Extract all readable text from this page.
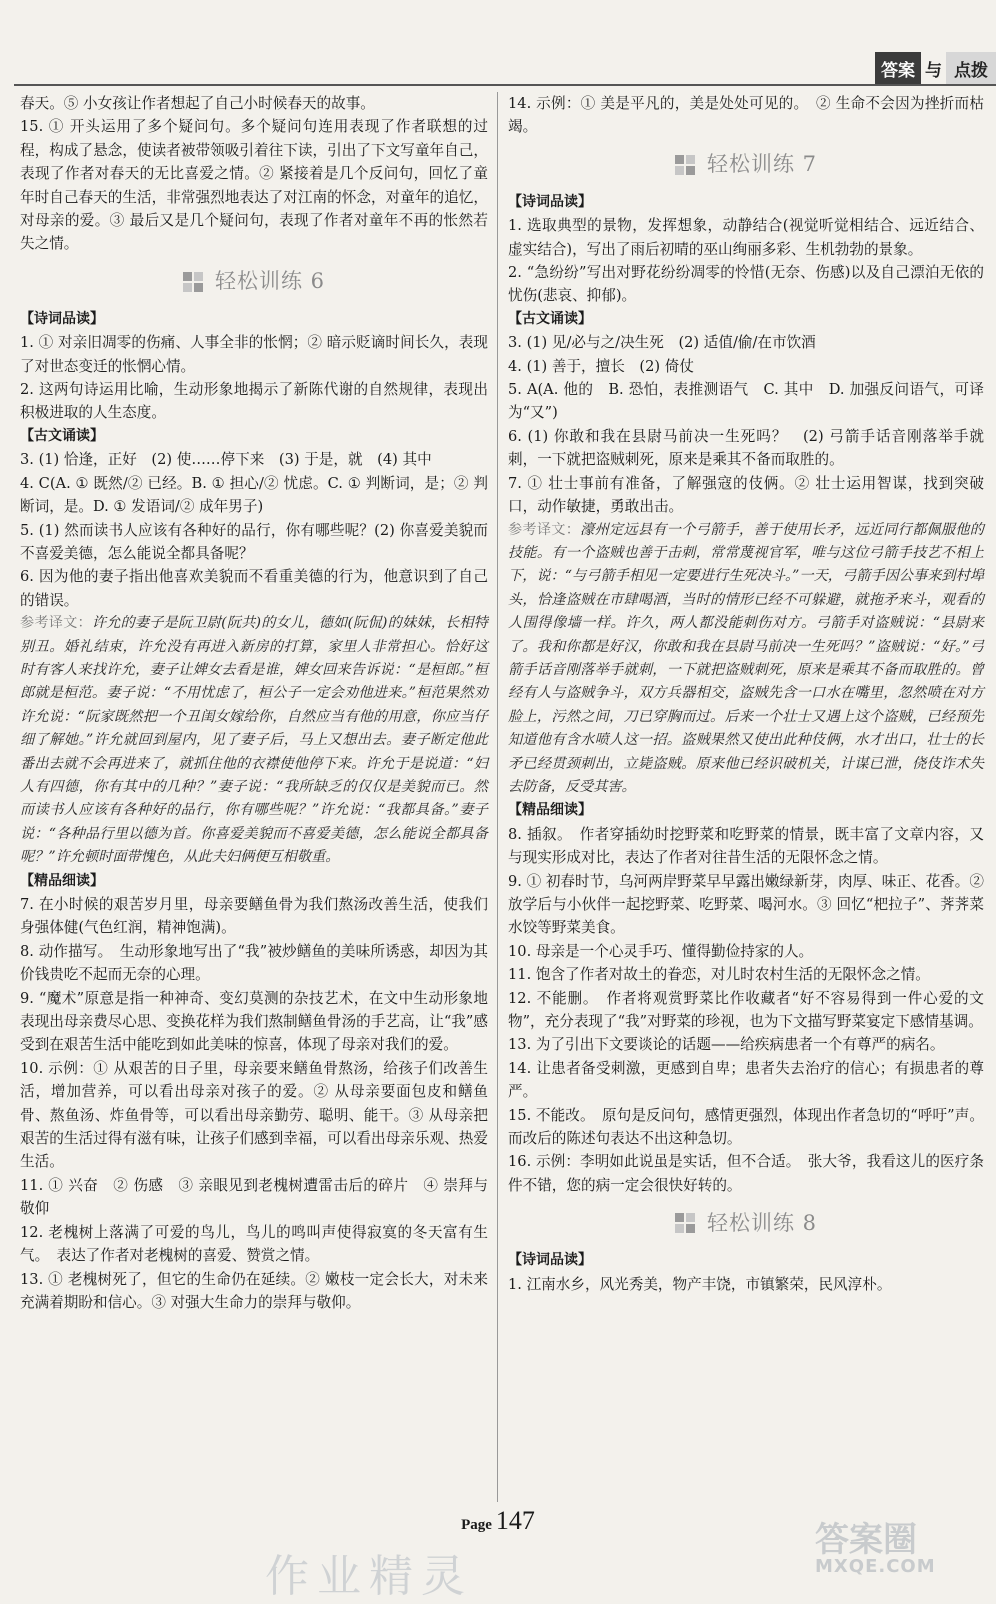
答案 与 点拨

春天。⑤ 小女孩让作者想起了自己小时候春天的故事。

15. ① 开头运用了多个疑问句。多个疑问句连用表现了作者联想的过程，构成了悬念，使读者被带领吸引着往下读，引出了下文写童年自己，表现了作者对春天的无比喜爱之情。② 紧接着是几个反问句，回忆了童年时自己春天的生活，非常强烈地表达了对江南的怀念，对童年的追忆，对母亲的爱。③ 最后又是几个疑问句，表现了作者对童年不再的怅然若失之情。

轻松训练 6

【诗词品读】

1. ① 对亲旧凋零的伤痛、人事全非的怅惘；② 暗示贬谪时间长久，表现了对世态变迁的怅惘心情。

2. 这两句诗运用比喻，生动形象地揭示了新陈代谢的自然规律，表现出积极进取的人生态度。

【古文诵读】

3. (1) 恰逢，正好　(2) 使……停下来　(3) 于是，就　(4) 其中

4. C(A. ① 既然/② 已经。B. ① 担心/② 忧虑。C. ① 判断词，是；② 判断词，是。D. ① 发语词/② 成年男子)

5. (1) 然而读书人应该有各种好的品行，你有哪些呢？(2) 你喜爱美貌而不喜爱美德，怎么能说全都具备呢？

6. 因为他的妻子指出他喜欢美貌而不看重美德的行为，他意识到了自己的错误。

参考译文：许允的妻子是阮卫尉(阮共)的女儿，德如(阮侃)的妹妹，长相特别丑。婚礼结束，许允没有再进入新房的打算，家里人非常担心。恰好这时有客人来找许允，妻子让婢女去看是谁，婢女回来告诉说：“是桓郎。”桓郎就是桓范。妻子说：“不用忧虑了，桓公子一定会劝他进来。”桓范果然劝许允说：“阮家既然把一个丑闺女嫁给你，自然应当有他的用意，你应当仔细了解她。”许允就回到屋内，见了妻子后，马上又想出去。妻子断定他此番出去就不会再进来了，就抓住他的衣襟使他停下来。许允于是说道：“妇人有四德，你有其中的几种？”妻子说：“我所缺乏的仅仅是美貌而已。然而读书人应该有各种好的品行，你有哪些呢？”许允说：“我都具备。”妻子说：“各种品行里以德为首。你喜爱美貌而不喜爱美德，怎么能说全都具备呢？”许允顿时面带愧色，从此夫妇俩便互相敬重。

【精品细读】

7. 在小时候的艰苦岁月里，母亲要鳝鱼骨为我们熬汤改善生活，使我们身强体健(气色红润，精神饱满)。

8. 动作描写。　生动形象地写出了“我”被炒鳝鱼的美味所诱惑，却因为其价钱贵吃不起而无奈的心理。

9. “魔术”原意是指一种神奇、变幻莫测的杂技艺术，在文中生动形象地表现出母亲费尽心思、变换花样为我们熬制鳝鱼骨汤的手艺高，让“我”感受到在艰苦生活中能吃到如此美味的惊喜，体现了母亲对我们的爱。

10. 示例：① 从艰苦的日子里，母亲要来鳝鱼骨熬汤，给孩子们改善生活，增加营养，可以看出母亲对孩子的爱。② 从母亲要面包皮和鳝鱼骨、熬鱼汤、炸鱼骨等，可以看出母亲勤劳、聪明、能干。③ 从母亲把艰苦的生活过得有滋有味，让孩子们感到幸福，可以看出母亲乐观、热爱生活。

11. ① 兴奋　② 伤感　③ 亲眼见到老槐树遭雷击后的碎片　④ 崇拜与敬仰

12. 老槐树上落满了可爱的鸟儿，鸟儿的鸣叫声使得寂寞的冬天富有生气。　表达了作者对老槐树的喜爱、赞赏之情。

13. ① 老槐树死了，但它的生命仍在延续。② 嫩枝一定会长大，对未来充满着期盼和信心。③ 对强大生命力的崇拜与敬仰。

14. 示例：① 美是平凡的，美是处处可见的。　② 生命不会因为挫折而枯竭。

轻松训练 7

【诗词品读】

1. 选取典型的景物，发挥想象，动静结合(视觉听觉相结合、远近结合、虚实结合)，写出了雨后初晴的巫山绚丽多彩、生机勃勃的景象。

2. “急纷纷”写出对野花纷纷凋零的怜惜(无奈、伤感)以及自己漂泊无依的忧伤(悲哀、抑郁)。

【古文诵读】

3. (1) 见/必与之/决生死　(2) 适值/偷/在市饮酒

4. (1) 善于，擅长　(2) 倚仗

5. A(A. 他的　B. 恐怕，表推测语气　C. 其中　D. 加强反问语气，可译为“又”)

6. (1) 你敢和我在县尉马前决一生死吗？　(2) 弓箭手话音刚落举手就刺，一下就把盗贼刺死，原来是乘其不备而取胜的。

7. ① 壮士事前有准备，了解强寇的伎俩。② 壮士运用智谋，找到突破口，动作敏捷，勇敢出击。

参考译文：濠州定远县有一个弓箭手，善于使用长矛，远近同行都佩服他的技能。有一个盗贼也善于击刺，常常蔑视官军，唯与这位弓箭手技艺不相上下，说：“与弓箭手相见一定要进行生死决斗。”一天，弓箭手因公事来到村埠头，恰逢盗贼在市肆喝酒，当时的情形已经不可躲避，就拖矛来斗，观看的人围得像墙一样。许久，两人都没能刺伤对方。弓箭手对盗贼说：“县尉来了。我和你都是好汉，你敢和我在县尉马前决一生死吗？”盗贼说：“好。”弓箭手话音刚落举手就刺，一下就把盗贼刺死，原来是乘其不备而取胜的。曾经有人与盗贼争斗，双方兵器相交，盗贼先含一口水在嘴里，忽然喷在对方脸上，污然之间，刀已穿胸而过。后来一个壮士又遇上这个盗贼，已经预先知道他有含水喷人这一招。盗贼果然又使出此种伎俩，水才出口，壮士的长矛已经贯颈刺出，立毙盗贼。原来他已经识破机关，计谋已泄，侥伎诈术失去防备，反受其害。

【精品细读】

8. 插叙。　作者穿插幼时挖野菜和吃野菜的情景，既丰富了文章内容，又与现实形成对比，表达了作者对往昔生活的无限怀念之情。

9. ① 初春时节，乌河两岸野菜早早露出嫩绿新芽，肉厚、味正、花香。② 放学后与小伙伴一起挖野菜、吃野菜、喝河水。③ 回忆“杷拉子”、荠荠菜水饺等野菜美食。

10. 母亲是一个心灵手巧、懂得勤俭持家的人。

11. 饱含了作者对故土的眷恋，对儿时农村生活的无限怀念之情。

12. 不能删。　作者将观赏野菜比作收藏者“好不容易得到一件心爱的文物”，充分表现了“我”对野菜的珍视，也为下文描写野菜宴定下感情基调。

13. 为了引出下文要谈论的话题——给疾病患者一个有尊严的病名。

14. 让患者备受刺激，更感到自卑；患者失去治疗的信心；有损患者的尊严。

15. 不能改。　原句是反问句，感情更强烈，体现出作者急切的“呼吁”声。而改后的陈述句表达不出这种急切。

16. 示例：李明如此说虽是实话，但不合适。　张大爷，我看这儿的医疗条件不错，您的病一定会很快好转的。

轻松训练 8

【诗词品读】

1. 江南水乡，风光秀美，物产丰饶，市镇繁荣，民风淳朴。

Page 147
作业精灵
答案圈
MXQE.COM
